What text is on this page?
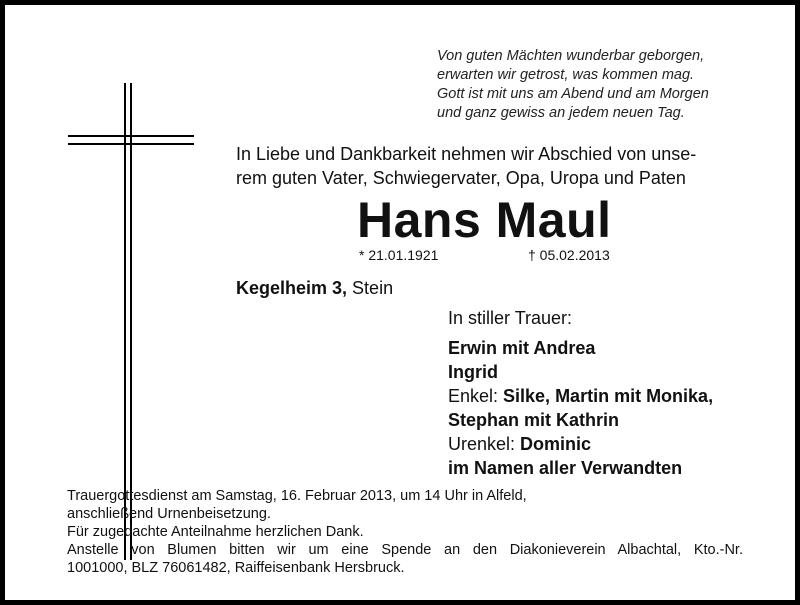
Von guten Mächten wunderbar geborgen,
erwarten wir getrost, was kommen mag.
Gott ist mit uns am Abend und am Morgen
und ganz gewiss an jedem neuen Tag.
In Liebe und Dankbarkeit nehmen wir Abschied von unse-
rem guten Vater, Schwiegervater, Opa, Uropa und Paten
Hans Maul
* 21.01.1921	† 05.02.2013
Kegelheim 3, Stein
In stiller Trauer:
Erwin mit Andrea
Ingrid
Enkel: Silke, Martin mit Monika,
Stephan mit Kathrin
Urenkel: Dominic
im Namen aller Verwandten
Trauergottesdienst am Samstag, 16. Februar 2013, um 14 Uhr in Alfeld,
anschließend Urnenbeisetzung.
Für zugedachte Anteilnahme herzlichen Dank.
Anstelle von Blumen bitten wir um eine Spende an den Diakonieverein Albachtal, Kto.-Nr.
1001000, BLZ 76061482, Raiffeisenbank Hersbruck.
